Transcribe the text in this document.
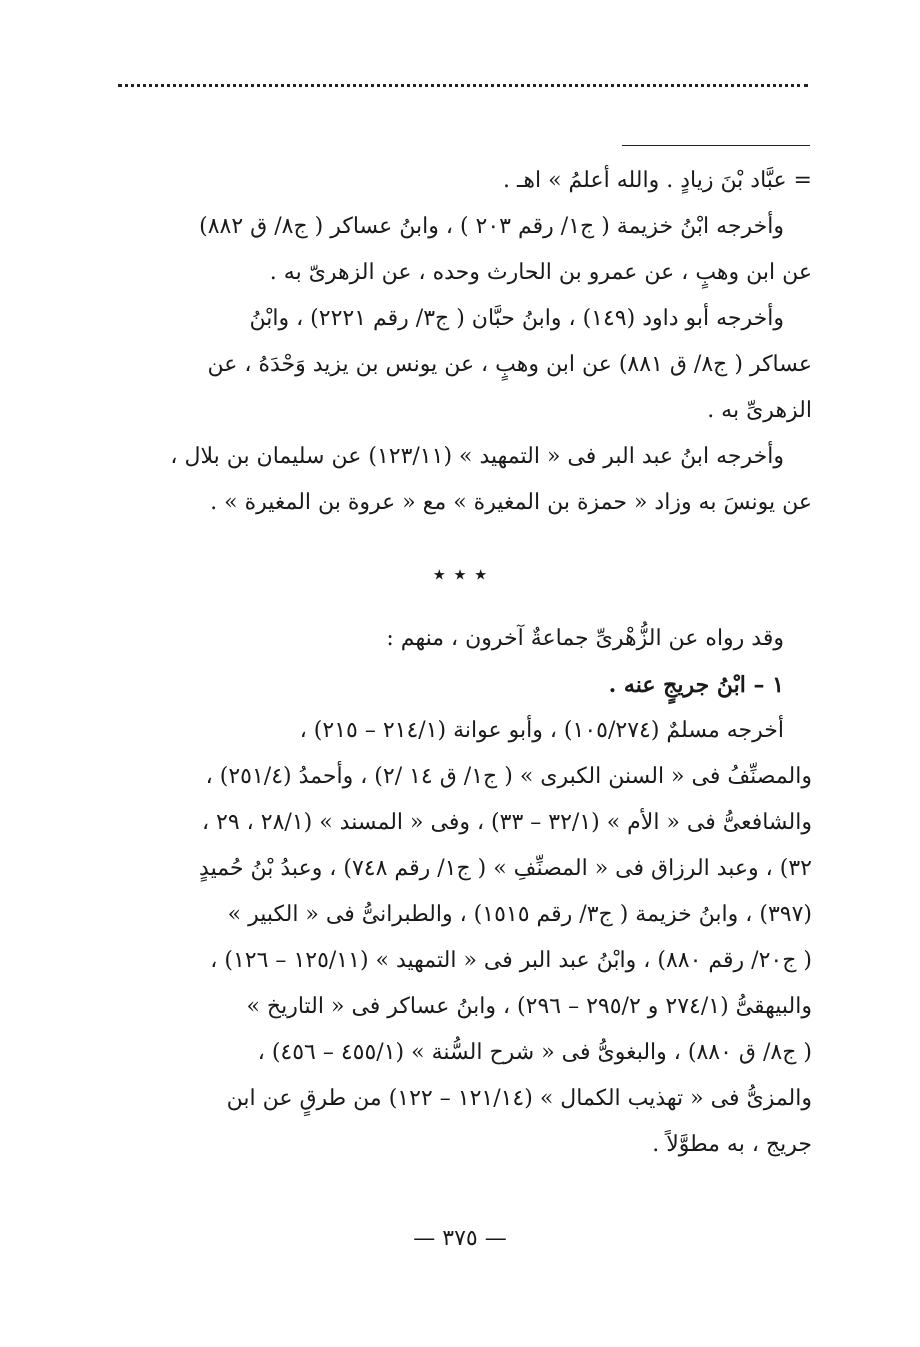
= عبَّاد بْنَ زيادٍ . والله أعلمُ » اهـ .

وأخرجه ابْنُ خزيمة ( ج١/ رقم ٢٠٣ ) ، وابنُ عساكر ( ج٨/ ق ٨٨٢)

عن ابن وهبٍ ، عن عمرو بن الحارث وحده ، عن الزهرىّ به .

وأخرجه أبو داود (١٤٩) ، وابنُ حبَّان ( ج٣/ رقم ٢٢٢١) ، وابْنُ

عساكر ( ج٨/ ق ٨٨١) عن ابن وهبٍ ، عن يونس بن يزيد وَحْدَهُ ، عن

الزهرىِّ به .

وأخرجه ابنُ عبد البر فى « التمهيد » (١٢٣/١١) عن سليمان بن بلال ،

عن يونسَ به وزاد « حمزة بن المغيرة » مع « عروة بن المغيرة » .

٭ ٭ ٭

وقد رواه عن الزُّهْرىِّ جماعةٌ آخرون ، منهم :

١ – ابْنُ جريجٍ عنه .

أخرجه مسلمٌ (١٠٥/٢٧٤) ، وأبو عوانة (٢١٤/١ – ٢١٥) ،

والمصنِّفُ فى « السنن الكبرى » ( ج١/ ق ١٤ /٢) ، وأحمدُ (٢٥١/٤) ،

والشافعىُّ فى « الأم » (٣٢/١ – ٣٣) ، وفى « المسند » (٢٨/١ ، ٢٩ ،

٣٢) ، وعبد الرزاق فى « المصنِّفِ » ( ج١/ رقم ٧٤٨) ، وعبدُ بْنُ حُميدٍ

(٣٩٧) ، وابنُ خزيمة ( ج٣/ رقم ١٥١٥) ، والطبرانىُّ فى « الكبير »

( ج٢٠/ رقم ٨٨٠) ، وابْنُ عبد البر فى « التمهيد » (١٢٥/١١ – ١٢٦) ،

والبيهقىُّ (٢٧٤/١ و ٢٩٥/٢ – ٢٩٦) ، وابنُ عساكر فى « التاريخ »

( ج٨/ ق ٨٨٠) ، والبغوىُّ فى « شرح السُّنة » (٤٥٥/١ – ٤٥٦) ،

والمزىُّ فى « تهذيب الكمال » (١٢١/١٤ – ١٢٢) من طرقٍ عن ابن

جريج ، به مطوَّلاً .

— ٣٧٥ —
